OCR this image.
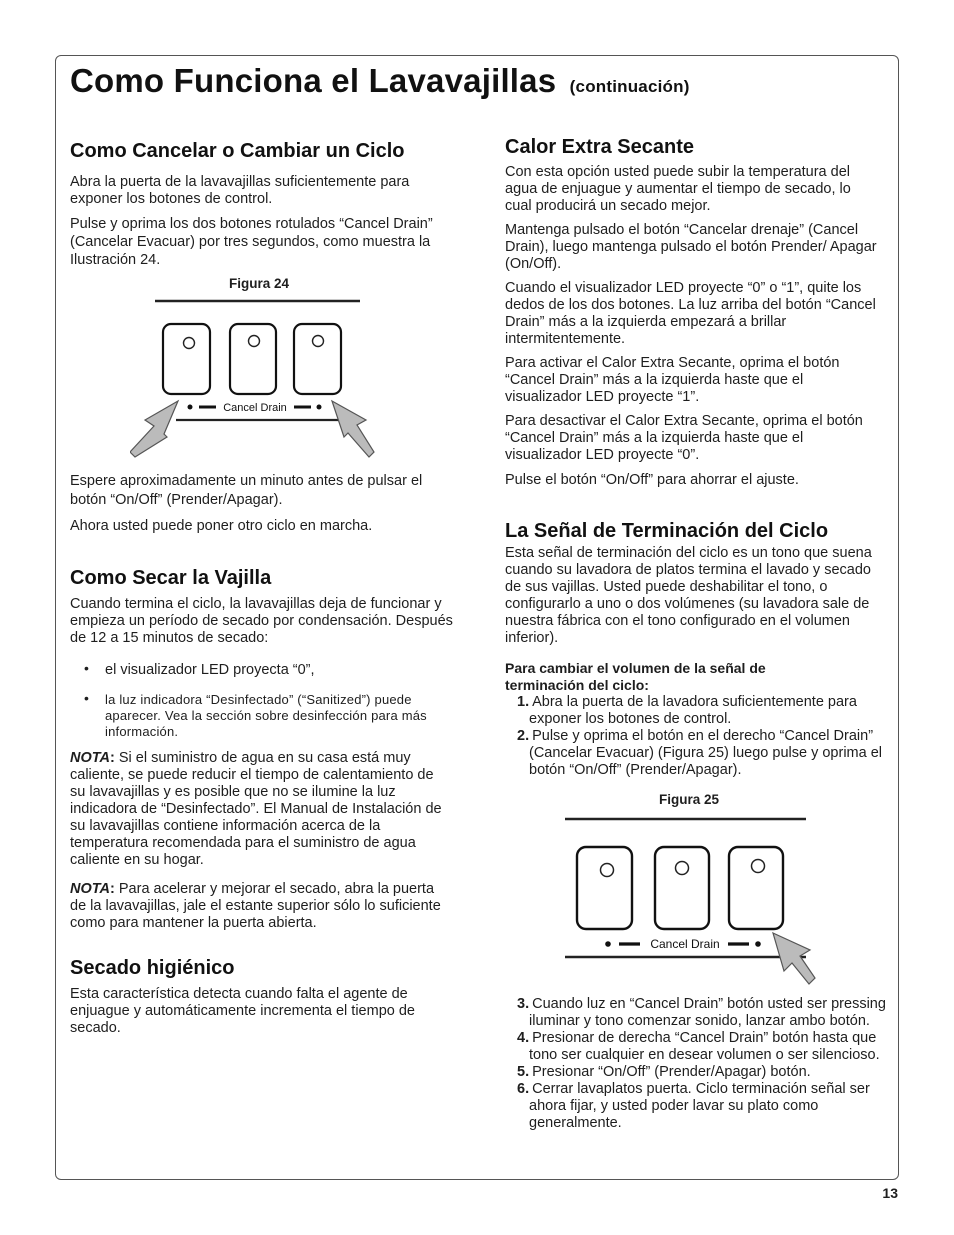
Como Funciona el Lavavajillas (continuación)
Como Cancelar o Cambiar un Ciclo

Abra la puerta de la lavavajillas suficientemente para exponer los botones de control.

Pulse y oprima los dos botones rotulados “Cancel Drain” (Cancelar Evacuar) por tres segundos, como muestra la Ilustración 24.

Figura 24
Cancel Drain

Espere aproximadamente un minuto antes de pulsar el botón “On/Off” (Prender/Apagar).

Ahora usted puede poner otro ciclo en marcha.

Como Secar la Vajilla

Cuando termina el ciclo, la lavavajillas deja de funcionar y empieza un período de secado por condensación. Después de 12 a 15 minutos de secado:

• el visualizador LED proyecta “0”,

• la luz indicadora “Desinfectado” (“Sanitized”) puede aparecer. Vea la sección sobre desinfección para más información.

NOTA: Si el suministro de agua en su casa está muy caliente, se puede reducir el tiempo de calentamiento de su lavavajillas y es posible que no se ilumine la luz indicadora de “Desinfectado”. El Manual de Instalación de su lavavajillas contiene información acerca de la temperatura recomendada para el suministro de agua caliente en su hogar.

NOTA: Para acelerar y mejorar el secado, abra la puerta de la lavavajillas, jale el estante superior sólo lo suficiente como para mantener la puerta abierta.

Secado higiénico

Esta característica detecta cuando falta el agente de enjuague y automáticamente incrementa el tiempo de secado.

Calor Extra Secante

Con esta opción usted puede subir la temperatura del agua de enjuague y aumentar el tiempo de secado, lo cual producirá un secado mejor.

Mantenga pulsado el botón “Cancelar drenaje” (Cancel Drain), luego mantenga pulsado el botón Prender/ Apagar (On/Off).

Cuando el visualizador LED proyecte “0” o “1”, quite los dedos de los dos botones. La luz arriba del botón “Cancel Drain” más a la izquierda empezará a brillar intermitentemente.

Para activar el Calor Extra Secante, oprima el botón “Cancel Drain” más a la izquierda haste que el visualizador LED proyecte “1”.

Para desactivar el Calor Extra Secante, oprima el botón “Cancel Drain” más a la izquierda haste que el visualizador LED proyecte “0”.

Pulse el botón “On/Off” para ahorrar el ajuste.

La Señal de Terminación del Ciclo

Esta señal de terminación del ciclo es un tono que suena cuando su lavadora de platos termina el lavado y secado de sus vajillas. Usted puede deshabilitar el tono, o configurarlo a uno o dos volúmenes (su lavadora sale de nuestra fábrica con el tono configurado en el volumen inferior).

Para cambiar el volumen de la señal de terminación del ciclo:

1. Abra la puerta de la lavadora suficientemente para exponer los botones de control.
2. Pulse y oprima el botón en el derecho “Cancel Drain” (Cancelar Evacuar) (Figura 25) luego pulse y oprima el botón “On/Off” (Prender/Apagar).
Figura 25
Cancel Drain
3. Cuando luz en “Cancel Drain” botón usted ser pressing iluminar y tono comenzar sonido, lanzar ambo botón.
4. Presionar de derecha “Cancel Drain” botón hasta que tono ser cualquier en desear volumen o ser silencioso.
5. Presionar “On/Off” (Prender/Apagar) botón.
6. Cerrar lavaplatos puerta. Ciclo terminación señal ser ahora fijar, y usted poder lavar su plato como generalmente.
13
